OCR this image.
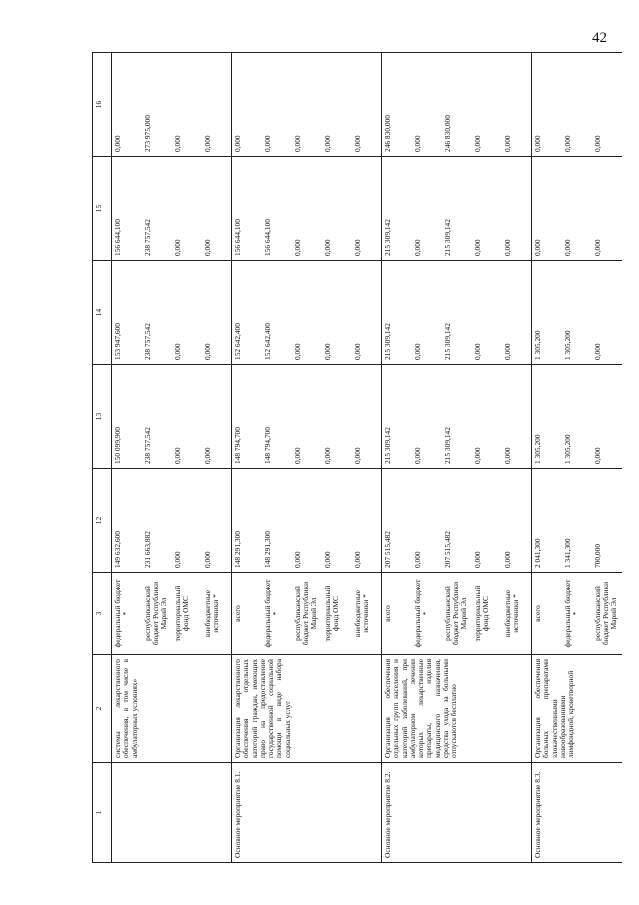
42
1	2	3	12	13	14	15	16
	системы лекарственного обеспечения, в том числе в амбулаторных условиях»	федеральный бюджет *	149 632,600	150 099,900	153 947,600	156 644,100	0,000
		республиканский бюджет Республики Марий Эл	231 663,882	238 757,542	238 757,542	238 757,542	273 975,000
		территориальный фонд ОМС	0,000	0,000	0,000	0,000	0,000
		внебюджетные источники *	0,000	0,000	0,000	0,000	0,000
Основное мероприятие 8.1.	Организация лекарственного обеспечения отдельных категорий граждан, имеющих право на предоставление государственной социальной помощи в виде набора социальных услуг	всего	148 291,300	148 794,700	152 642,400	156 644,100	0,000
		федеральный бюджет *	148 291,300	148 794,700	152 642,400	156 644,100	0,000
		республиканский бюджет Республики Марий Эл	0,000	0,000	0,000	0,000	0,000
		территориальный фонд ОМС	0,000	0,000	0,000	0,000	0,000
		внебюджетные источники *	0,000	0,000	0,000	0,000	0,000
Основное мероприятие 8.2.	Организация обеспечения отдельных групп населения и категорий заболеваний, при амбулаторном лечении которых лекарственные препараты, изделия медицинского назначения, средства ухода за больными отпускаются бесплатно	всего	207 515,482	215 309,142	215 309,142	215 309,142	246 830,000
		федеральный бюджет *	0,000	0,000	0,000	0,000	0,000
		республиканский бюджет Республики Марий Эл	207 515,482	215 309,142	215 309,142	215 309,142	246 830,000
		территориальный фонд ОМС	0,000	0,000	0,000	0,000	0,000
		внебюджетные источники *	0,000	0,000	0,000	0,000	0,000
Основное мероприятие 8.3.	Организация обеспечения больных препаратами злокачественными новообразованиями лимфоидной, кроветворной	всего	2 041,300	1 305,200	1 305,200	0,000	0,000
		федеральный бюджет *	1 341,300	1 305,200	1 305,200	0,000	0,000
		республиканский бюджет Республики Марий Эл	700,000	0,000	0,000	0,000	0,000
